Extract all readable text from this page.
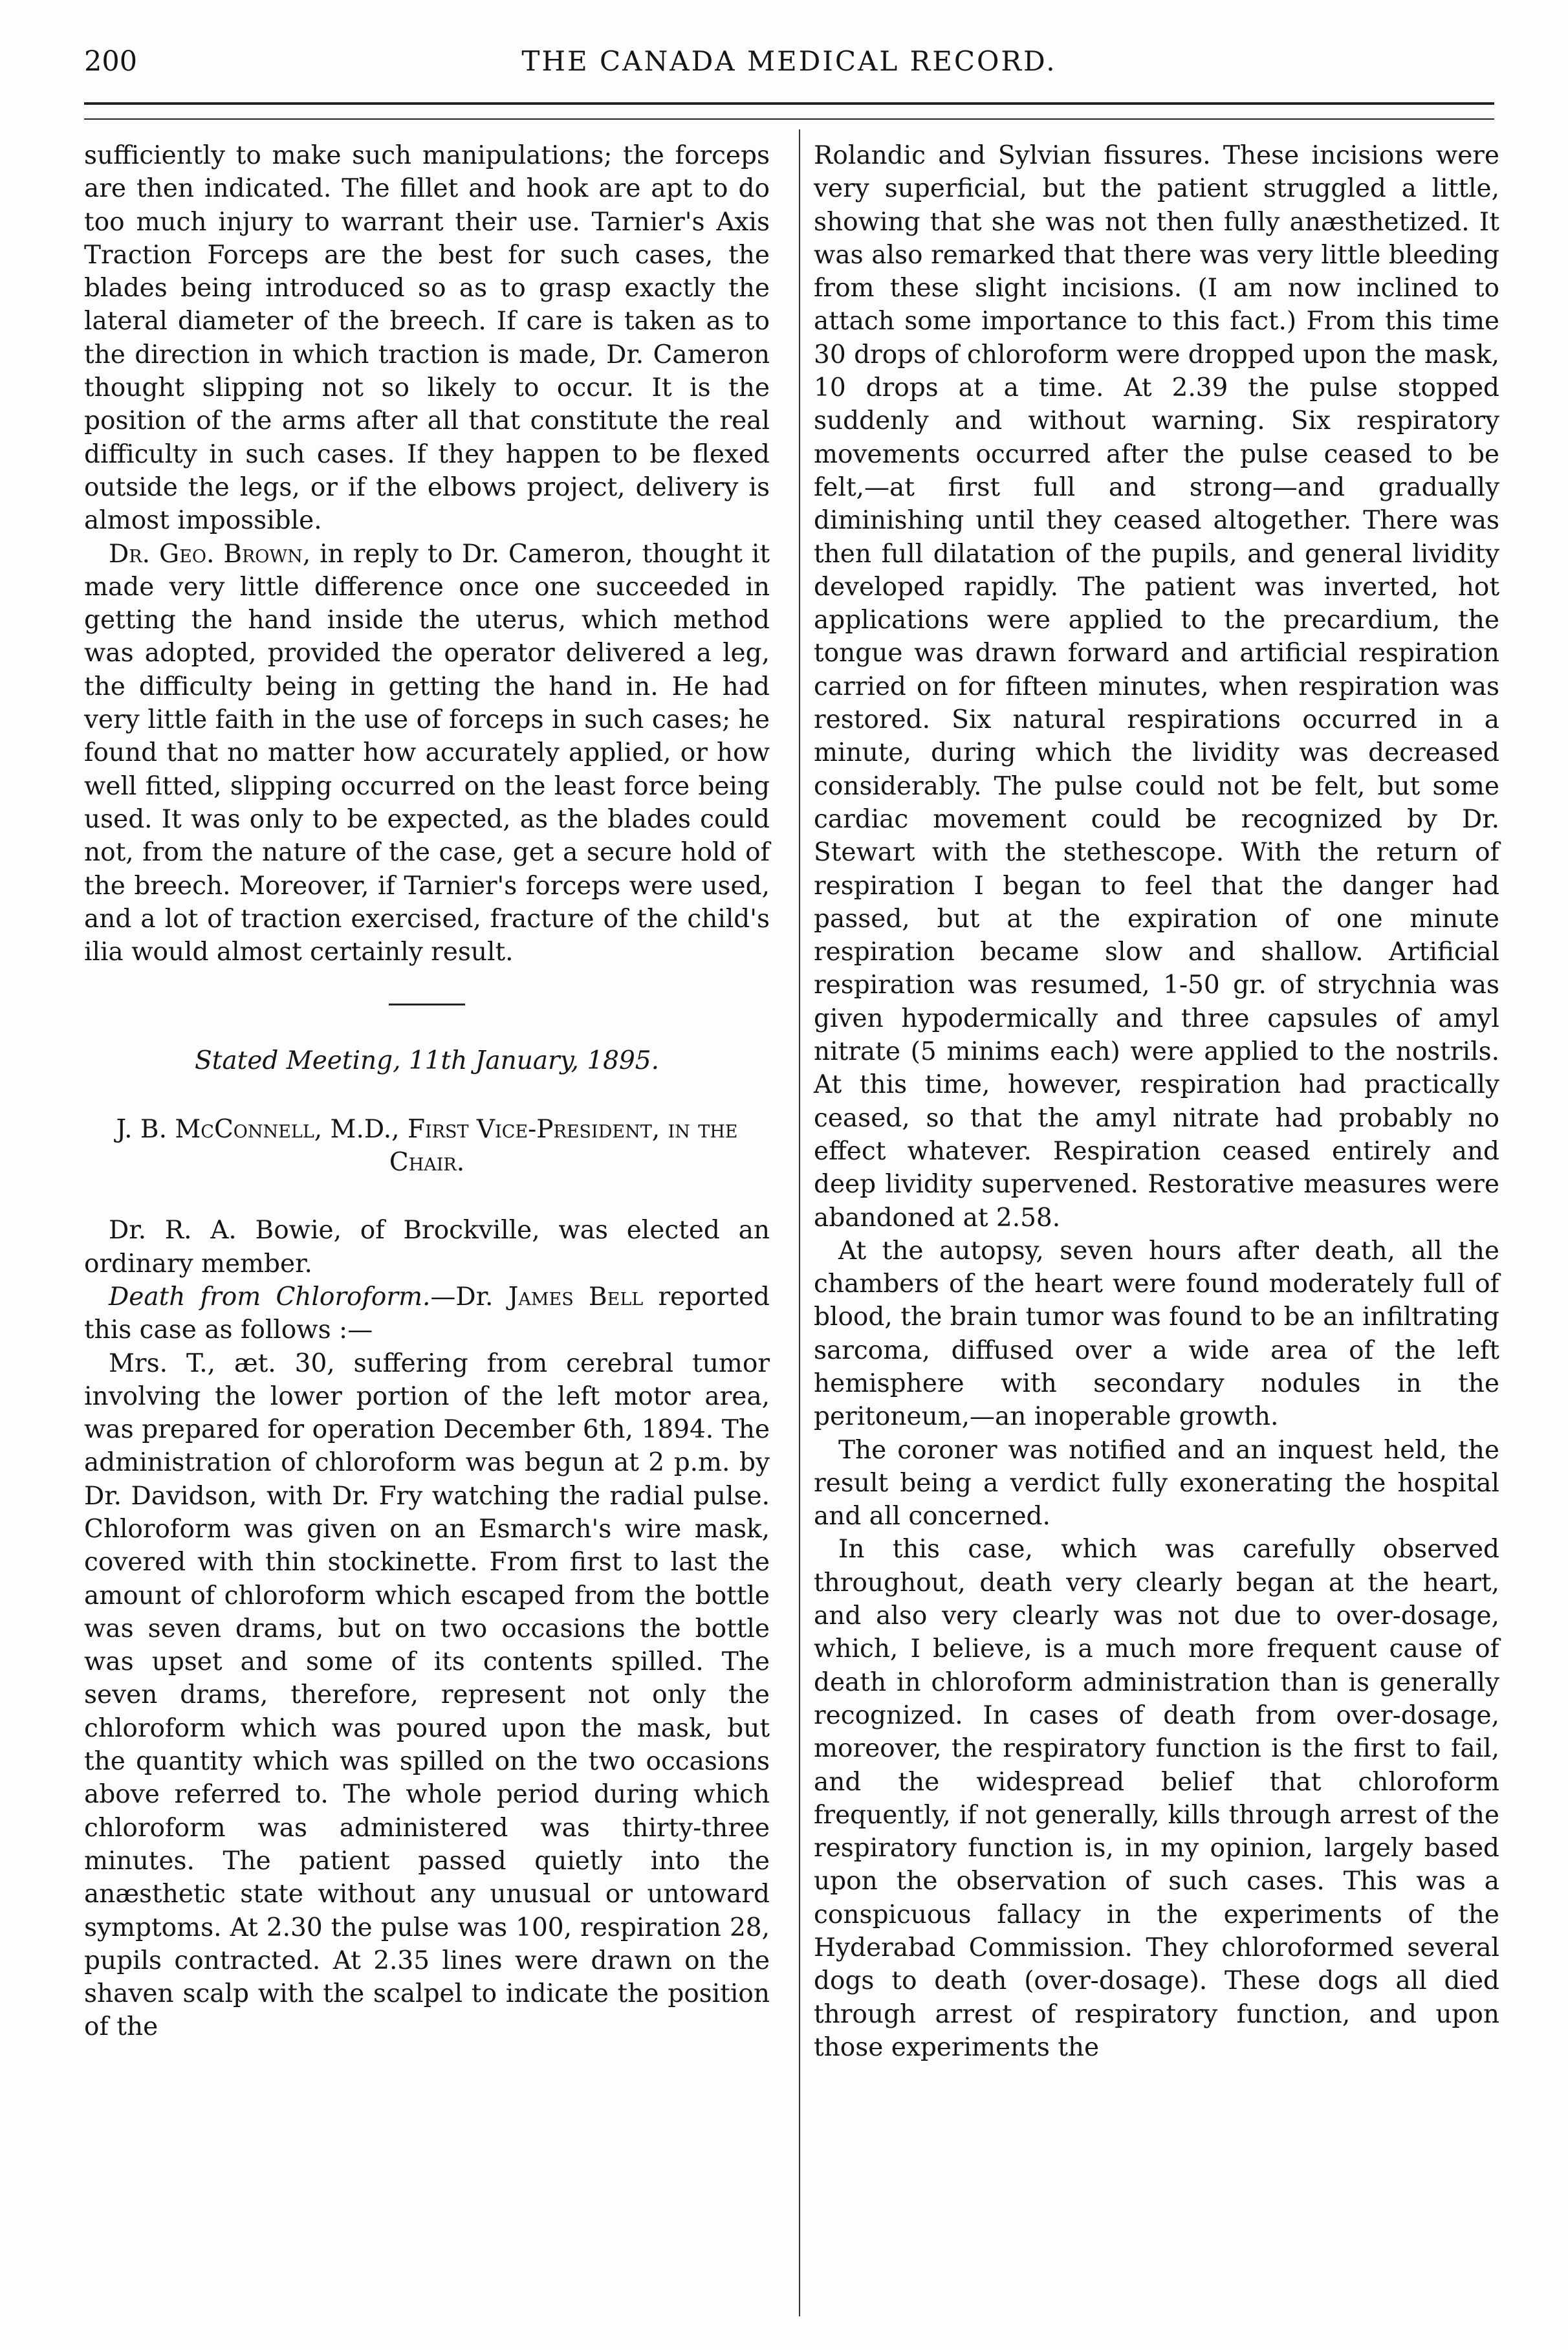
200	THE CANADA MEDICAL RECORD.

sufficiently to make such manipulations; the forceps are then indicated. The fillet and hook are apt to do too much injury to warrant their use. Tarnier's Axis Traction Forceps are the best for such cases, the blades being introduced so as to grasp exactly the lateral diameter of the breech. If care is taken as to the direction in which traction is made, Dr. Cameron thought slipping not so likely to occur. It is the position of the arms after all that constitute the real difficulty in such cases. If they happen to be flexed outside the legs, or if the elbows project, delivery is almost impossible.

Dr. Geo. Brown, in reply to Dr. Cameron, thought it made very little difference once one succeeded in getting the hand inside the uterus, which method was adopted, provided the operator delivered a leg, the difficulty being in getting the hand in. He had very little faith in the use of forceps in such cases; he found that no matter how accurately applied, or how well fitted, slipping occurred on the least force being used. It was only to be expected, as the blades could not, from the nature of the case, get a secure hold of the breech. Moreover, if Tarnier's forceps were used, and a lot of traction exercised, fracture of the child's ilia would almost certainly result.

Stated Meeting, 11th January, 1895.

J. B. McConnell, M.D., First Vice-President, in the Chair.

Dr. R. A. Bowie, of Brockville, was elected an ordinary member.

Death from Chloroform.—Dr. James Bell reported this case as follows :—

Mrs. T., æt. 30, suffering from cerebral tumor involving the lower portion of the left motor area, was prepared for operation December 6th, 1894. The administration of chloroform was begun at 2 p.m. by Dr. Davidson, with Dr. Fry watching the radial pulse. Chloroform was given on an Esmarch's wire mask, covered with thin stockinette. From first to last the amount of chloroform which escaped from the bottle was seven drams, but on two occasions the bottle was upset and some of its contents spilled. The seven drams, therefore, represent not only the chloroform which was poured upon the mask, but the quantity which was spilled on the two occasions above referred to. The whole period during which chloroform was administered was thirty-three minutes. The patient passed quietly into the anæsthetic state without any unusual or untoward symptoms. At 2.30 the pulse was 100, respiration 28, pupils contracted. At 2.35 lines were drawn on the shaven scalp with the scalpel to indicate the position of the

Rolandic and Sylvian fissures. These incisions were very superficial, but the patient struggled a little, showing that she was not then fully anæsthetized. It was also remarked that there was very little bleeding from these slight incisions. (I am now inclined to attach some importance to this fact.) From this time 30 drops of chloroform were dropped upon the mask, 10 drops at a time. At 2.39 the pulse stopped suddenly and without warning. Six respiratory movements occurred after the pulse ceased to be felt,—at first full and strong—and gradually diminishing until they ceased altogether. There was then full dilatation of the pupils, and general lividity developed rapidly. The patient was inverted, hot applications were applied to the precardium, the tongue was drawn forward and artificial respiration carried on for fifteen minutes, when respiration was restored. Six natural respirations occurred in a minute, during which the lividity was decreased considerably. The pulse could not be felt, but some cardiac movement could be recognized by Dr. Stewart with the stethescope. With the return of respiration I began to feel that the danger had passed, but at the expiration of one minute respiration became slow and shallow. Artificial respiration was resumed, 1-50 gr. of strychnia was given hypodermically and three capsules of amyl nitrate (5 minims each) were applied to the nostrils. At this time, however, respiration had practically ceased, so that the amyl nitrate had probably no effect whatever. Respiration ceased entirely and deep lividity supervened. Restorative measures were abandoned at 2.58.

At the autopsy, seven hours after death, all the chambers of the heart were found moderately full of blood, the brain tumor was found to be an infiltrating sarcoma, diffused over a wide area of the left hemisphere with secondary nodules in the peritoneum,—an inoperable growth.

The coroner was notified and an inquest held, the result being a verdict fully exonerating the hospital and all concerned.

In this case, which was carefully observed throughout, death very clearly began at the heart, and also very clearly was not due to over-dosage, which, I believe, is a much more frequent cause of death in chloroform administration than is generally recognized. In cases of death from over-dosage, moreover, the respiratory function is the first to fail, and the widespread belief that chloroform frequently, if not generally, kills through arrest of the respiratory function is, in my opinion, largely based upon the observation of such cases. This was a conspicuous fallacy in the experiments of the Hyderabad Commission. They chloroformed several dogs to death (over-dosage). These dogs all died through arrest of respiratory function, and upon those experiments the
